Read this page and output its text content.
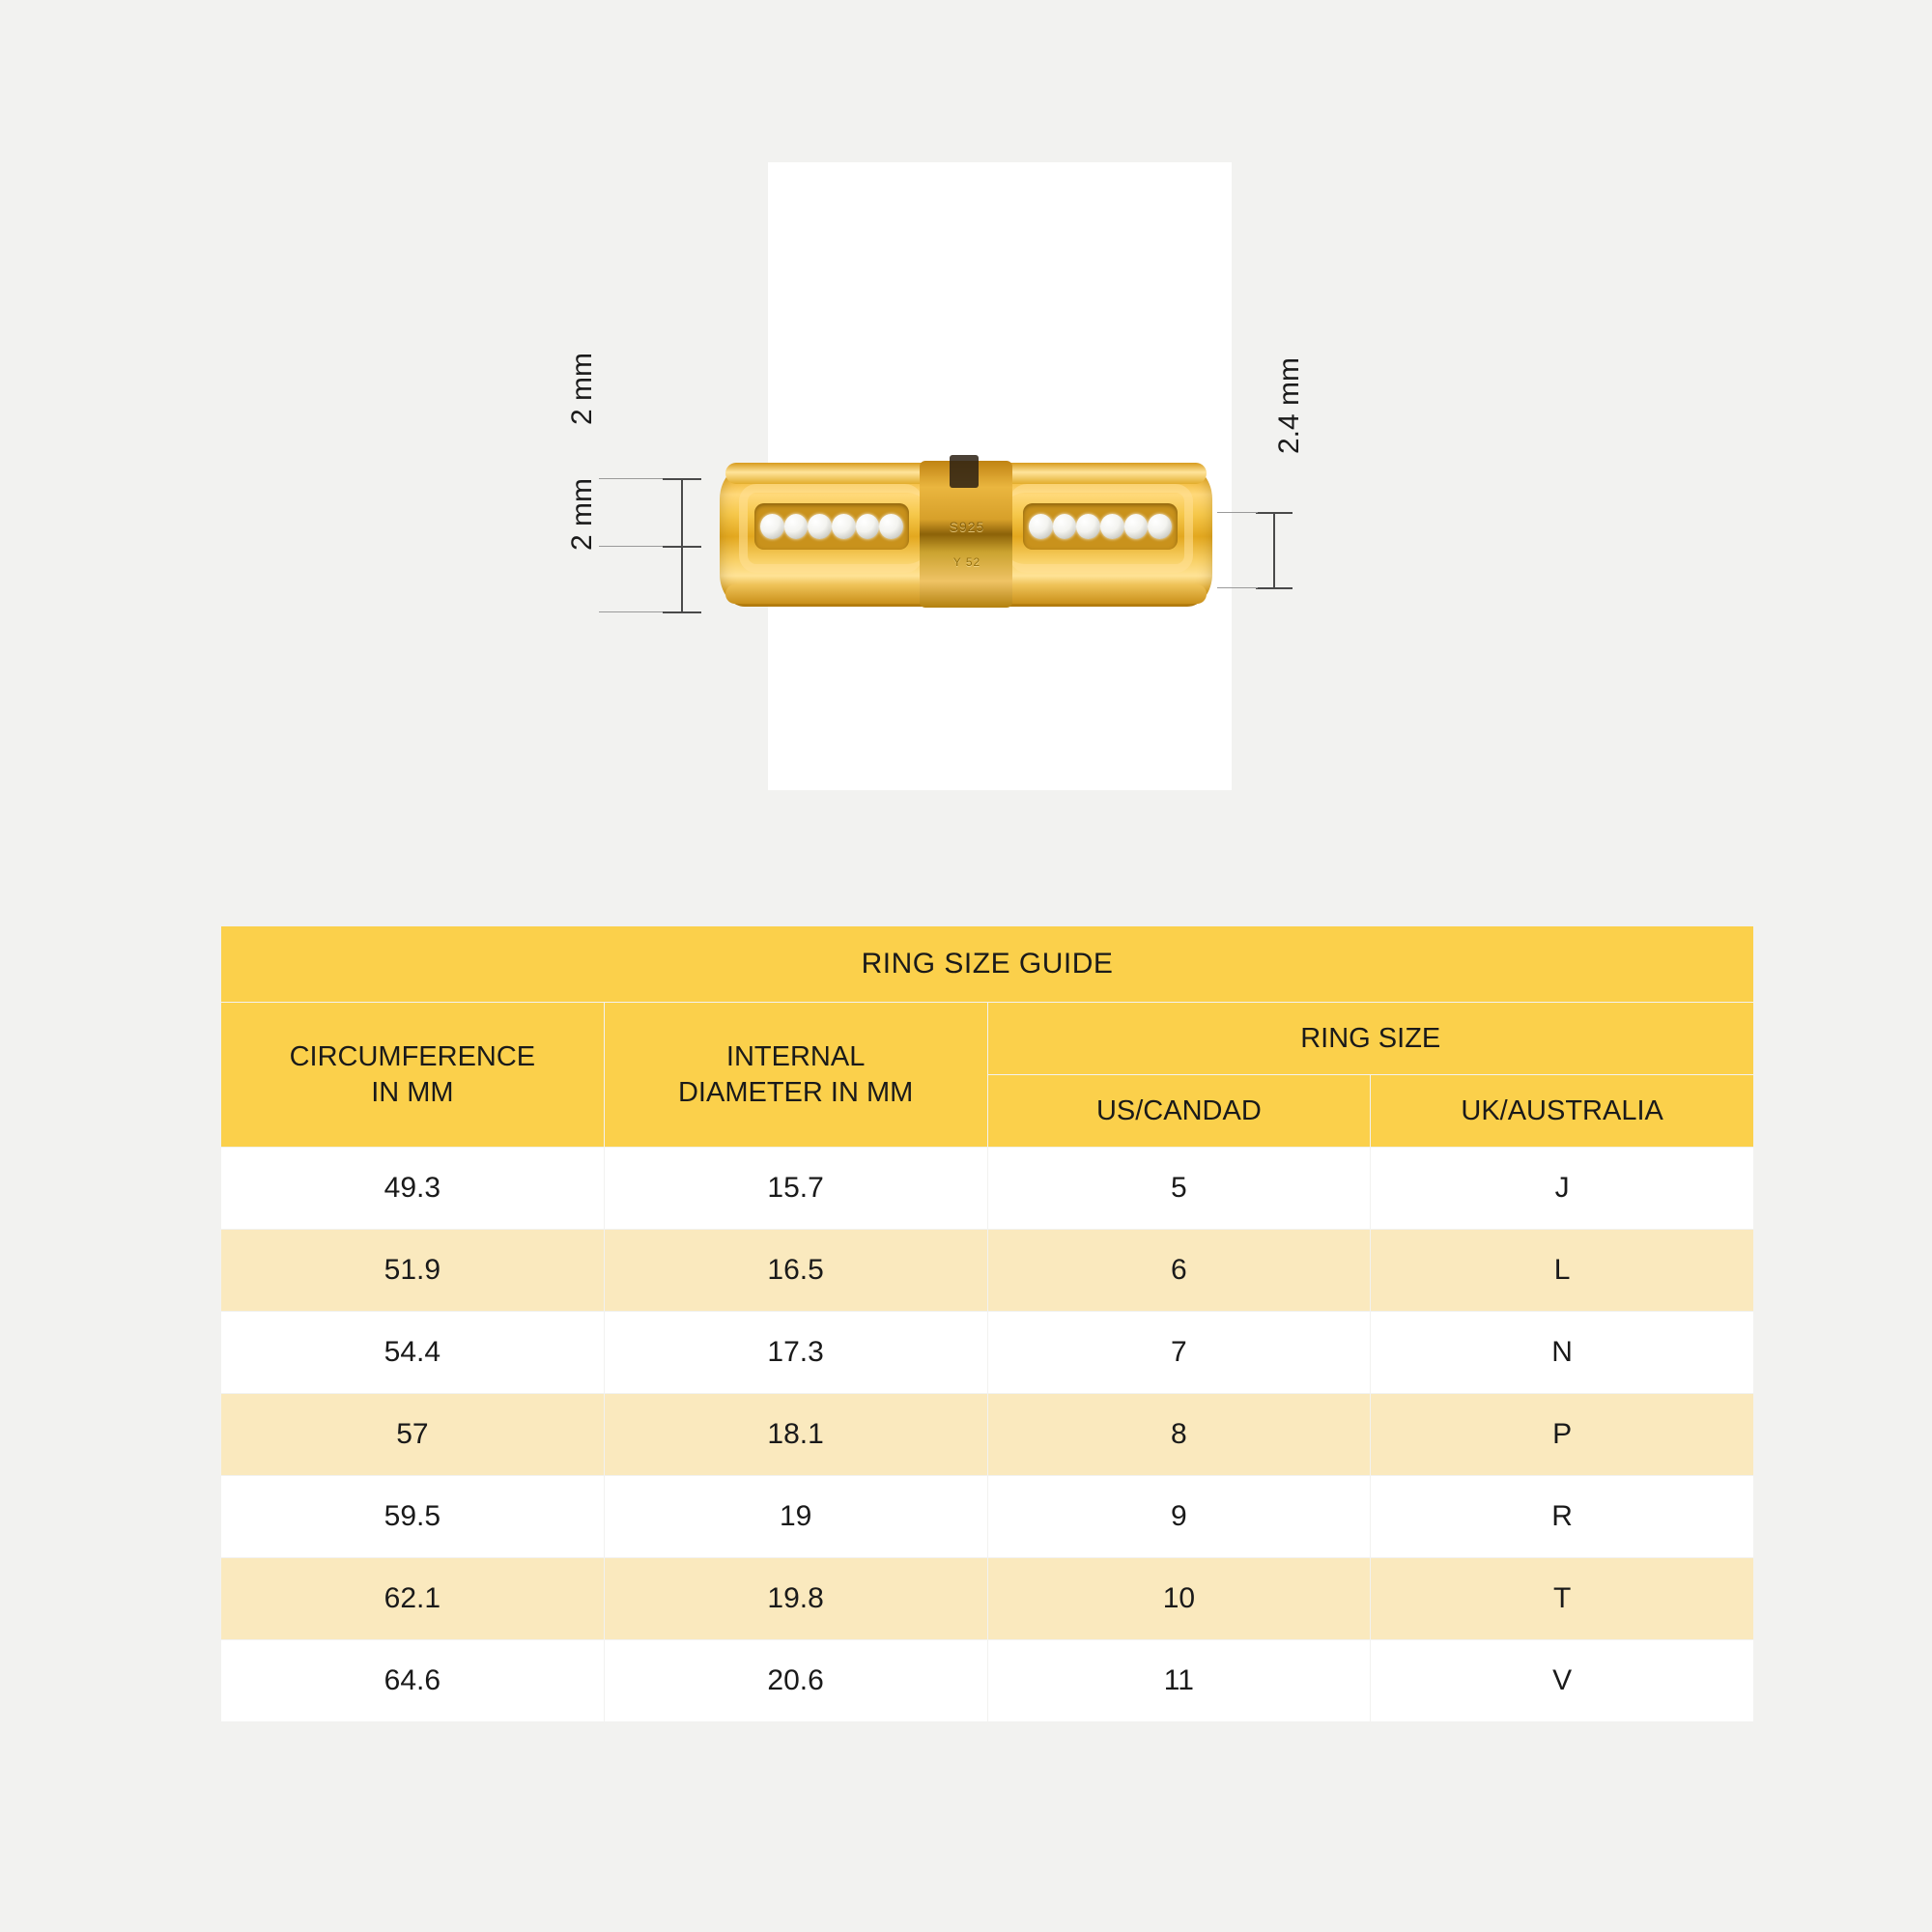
S925
Y 52
2 mm
2 mm
2.4 mm
RING SIZE GUIDE			

CIRCUMFERENCE
IN MM

INTERNAL
DIAMETER IN MM
	RING SIZE
		US/CANDAD	UK/AUSTRALIA
49.3	15.7	5	J
51.9	16.5	6	L
54.4	17.3	7	N
57	18.1	8	P
59.5	19	9	R
62.1	19.8	10	T
64.6	20.6	11	V
